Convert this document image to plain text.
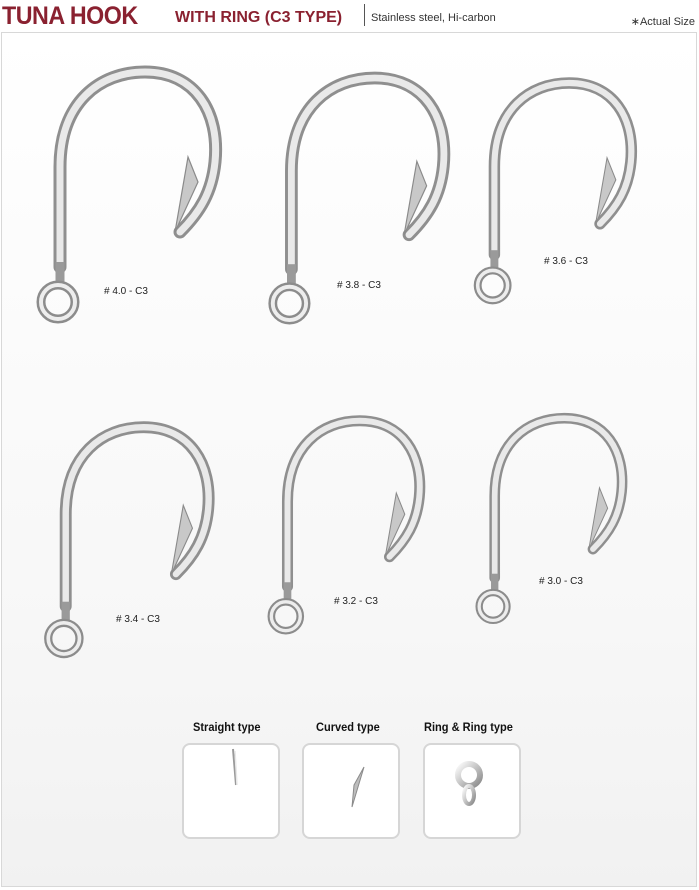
TUNA HOOK WITH RING (C3 TYPE)	Stainless steel, Hi-carbon	∗Actual Size
# 4.0 - C3
# 3.8 - C3
# 3.6 - C3
# 3.4 - C3
# 3.2 - C3
# 3.0 - C3
Straight type	Curved type	Ring & Ring type
